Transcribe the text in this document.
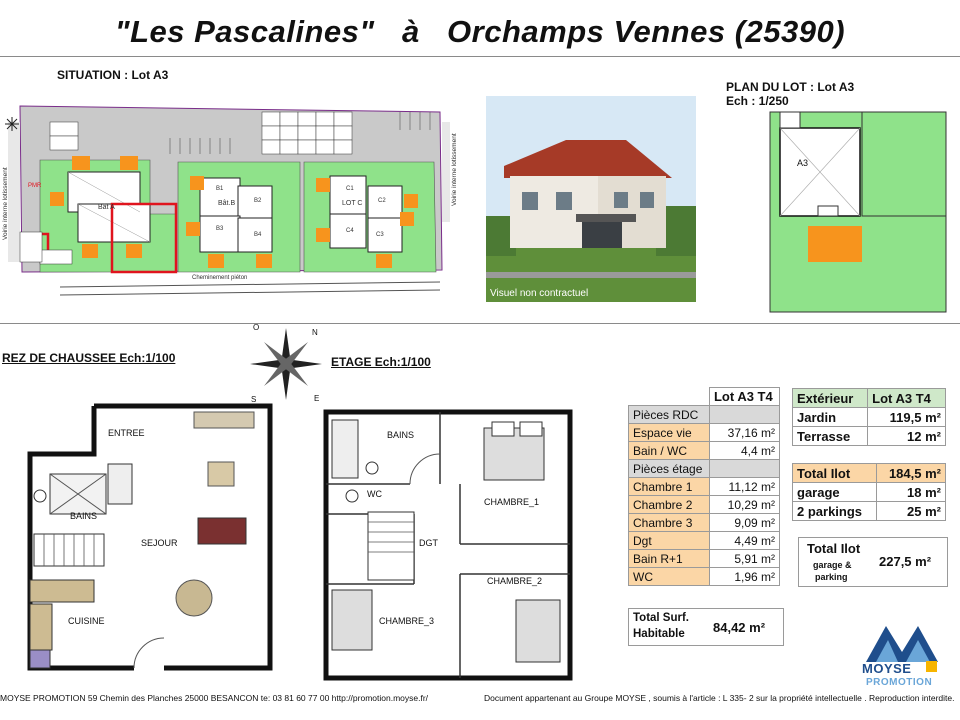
"Les Pascalines"   à   Orchamps Vennes (25390)
SITUATION : Lot A3
Voirie interne lotissement	Voirie interne lotissement
Cheminement piéton
Bât A
Bât.B	LOT C	C2
C4
C3
C1
B2
B4
B1
B3
PMR
Visuel non contractuel
PLAN DU LOT : Lot A3
Ech : 1/250
A3
REZ DE CHAUSSEE Ech:1/100
ENTREE
BAINS
SEJOUR
CUISINE
O
N
S	E
ETAGE Ech:1/100
BAINS
WC
CHAMBRE_1
DGT
CHAMBRE_2
CHAMBRE_3
	Lot A3 T4
Pièces RDC	
Espace vie	37,16 m²
Bain / WC	4,4 m²
Pièces étage	
Chambre 1	11,12 m²
Chambre 2	10,29 m²
Chambre 3	9,09 m²
Dgt	4,49 m²
Bain R+1	5,91 m²
WC	1,96 m²
Total Surf.
Habitable 84,42 m²
Extérieur	Lot A3 T4
Jardin	119,5 m²
Terrasse	12 m²
Total Ilot	184,5 m²
garage	18 m²
2 parkings	25 m²
Total Ilot
garage &
parking
227,5 m²
MOYSE
PROMOTION
MOYSE PROMOTION 59 Chemin des Planches 25000 BESANCON te: 03 81 60 77 00 http://promotion.moyse.fr/	Document appartenant au Groupe MOYSE , soumis à l'article : L 335- 2 sur la propriété intellectuelle . Reproduction interdite.
